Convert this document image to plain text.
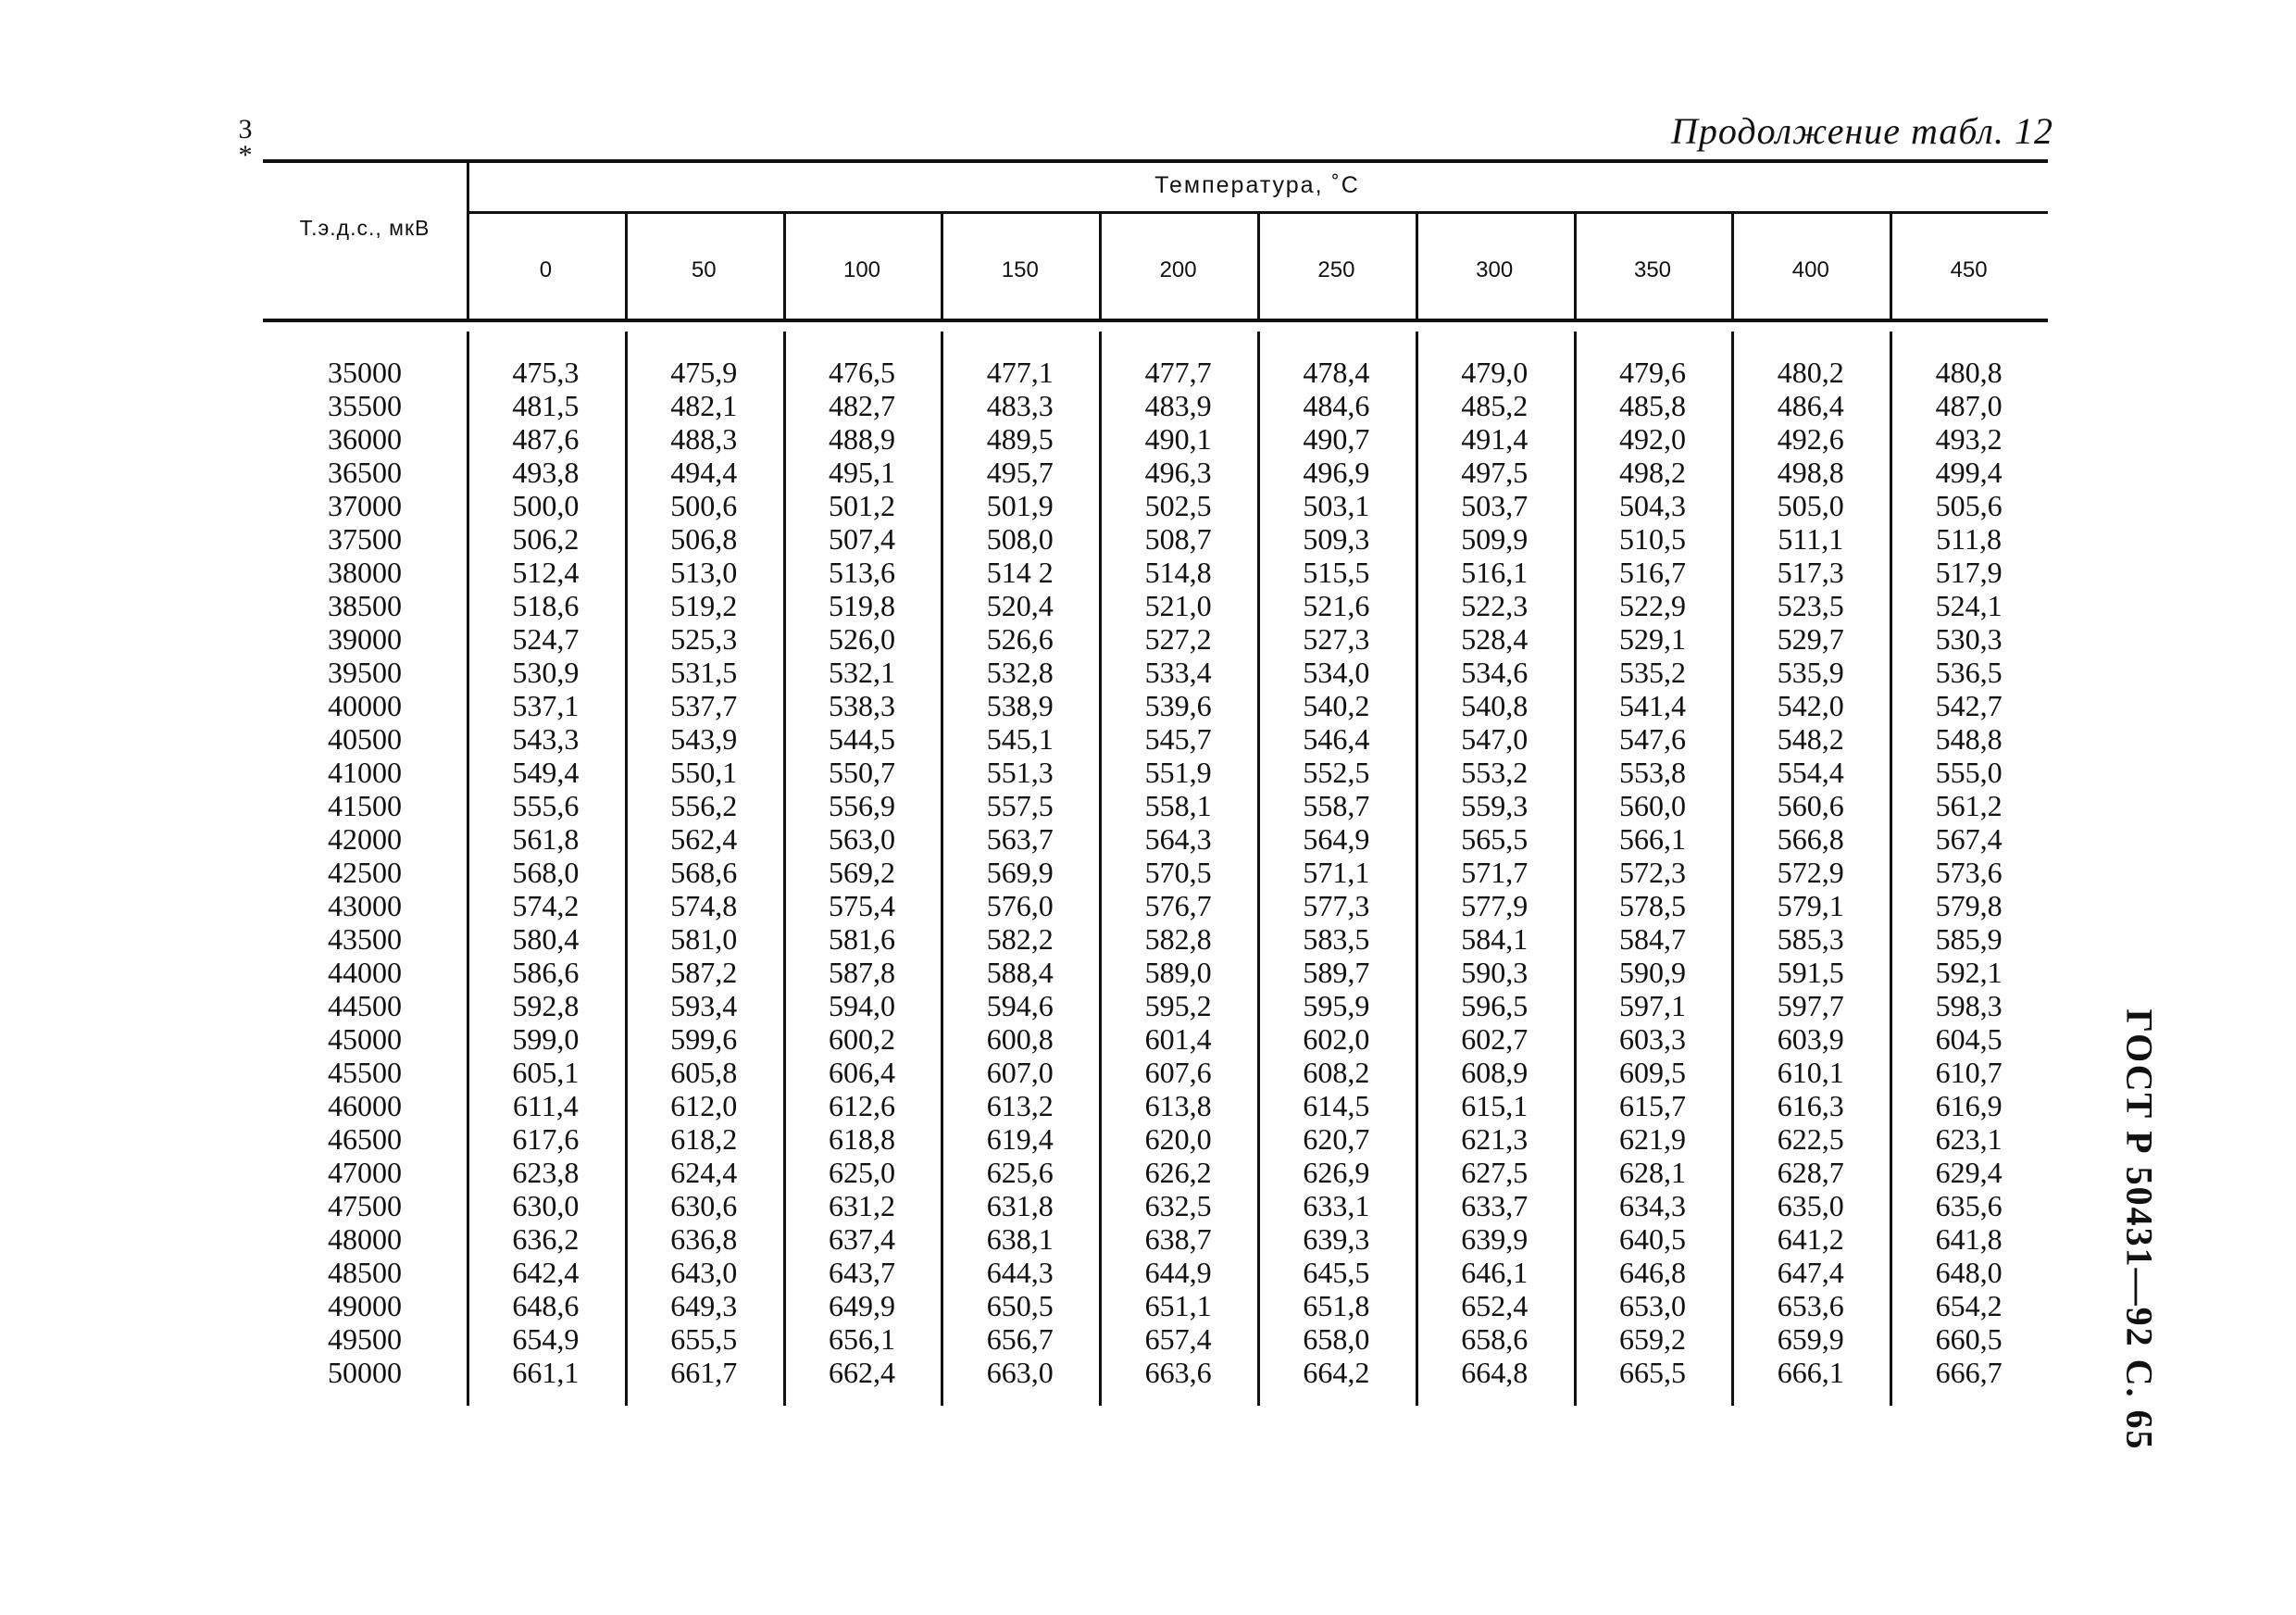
3
*
Продолжение табл. 12
ГОСТ Р 50431—92 С. 65
Т.э.д.с., мкВ
Температура, ˚С
0	50	100	150	200	250	300	350	400	450
35000	475,3	475,9	476,5	477,1	477,7	478,4	479,0	479,6	480,2	480,8
35500	481,5	482,1	482,7	483,3	483,9	484,6	485,2	485,8	486,4	487,0
36000	487,6	488,3	488,9	489,5	490,1	490,7	491,4	492,0	492,6	493,2
36500	493,8	494,4	495,1	495,7	496,3	496,9	497,5	498,2	498,8	499,4
37000	500,0	500,6	501,2	501,9	502,5	503,1	503,7	504,3	505,0	505,6
37500	506,2	506,8	507,4	508,0	508,7	509,3	509,9	510,5	511,1	511,8
38000	512,4	513,0	513,6	514 2	514,8	515,5	516,1	516,7	517,3	517,9
38500	518,6	519,2	519,8	520,4	521,0	521,6	522,3	522,9	523,5	524,1
39000	524,7	525,3	526,0	526,6	527,2	527,3	528,4	529,1	529,7	530,3
39500	530,9	531,5	532,1	532,8	533,4	534,0	534,6	535,2	535,9	536,5
40000	537,1	537,7	538,3	538,9	539,6	540,2	540,8	541,4	542,0	542,7
40500	543,3	543,9	544,5	545,1	545,7	546,4	547,0	547,6	548,2	548,8
41000	549,4	550,1	550,7	551,3	551,9	552,5	553,2	553,8	554,4	555,0
41500	555,6	556,2	556,9	557,5	558,1	558,7	559,3	560,0	560,6	561,2
42000	561,8	562,4	563,0	563,7	564,3	564,9	565,5	566,1	566,8	567,4
42500	568,0	568,6	569,2	569,9	570,5	571,1	571,7	572,3	572,9	573,6
43000	574,2	574,8	575,4	576,0	576,7	577,3	577,9	578,5	579,1	579,8
43500	580,4	581,0	581,6	582,2	582,8	583,5	584,1	584,7	585,3	585,9
44000	586,6	587,2	587,8	588,4	589,0	589,7	590,3	590,9	591,5	592,1
44500	592,8	593,4	594,0	594,6	595,2	595,9	596,5	597,1	597,7	598,3
45000	599,0	599,6	600,2	600,8	601,4	602,0	602,7	603,3	603,9	604,5
45500	605,1	605,8	606,4	607,0	607,6	608,2	608,9	609,5	610,1	610,7
46000	611,4	612,0	612,6	613,2	613,8	614,5	615,1	615,7	616,3	616,9
46500	617,6	618,2	618,8	619,4	620,0	620,7	621,3	621,9	622,5	623,1
47000	623,8	624,4	625,0	625,6	626,2	626,9	627,5	628,1	628,7	629,4
47500	630,0	630,6	631,2	631,8	632,5	633,1	633,7	634,3	635,0	635,6
48000	636,2	636,8	637,4	638,1	638,7	639,3	639,9	640,5	641,2	641,8
48500	642,4	643,0	643,7	644,3	644,9	645,5	646,1	646,8	647,4	648,0
49000	648,6	649,3	649,9	650,5	651,1	651,8	652,4	653,0	653,6	654,2
49500	654,9	655,5	656,1	656,7	657,4	658,0	658,6	659,2	659,9	660,5
50000	661,1	661,7	662,4	663,0	663,6	664,2	664,8	665,5	666,1	666,7
